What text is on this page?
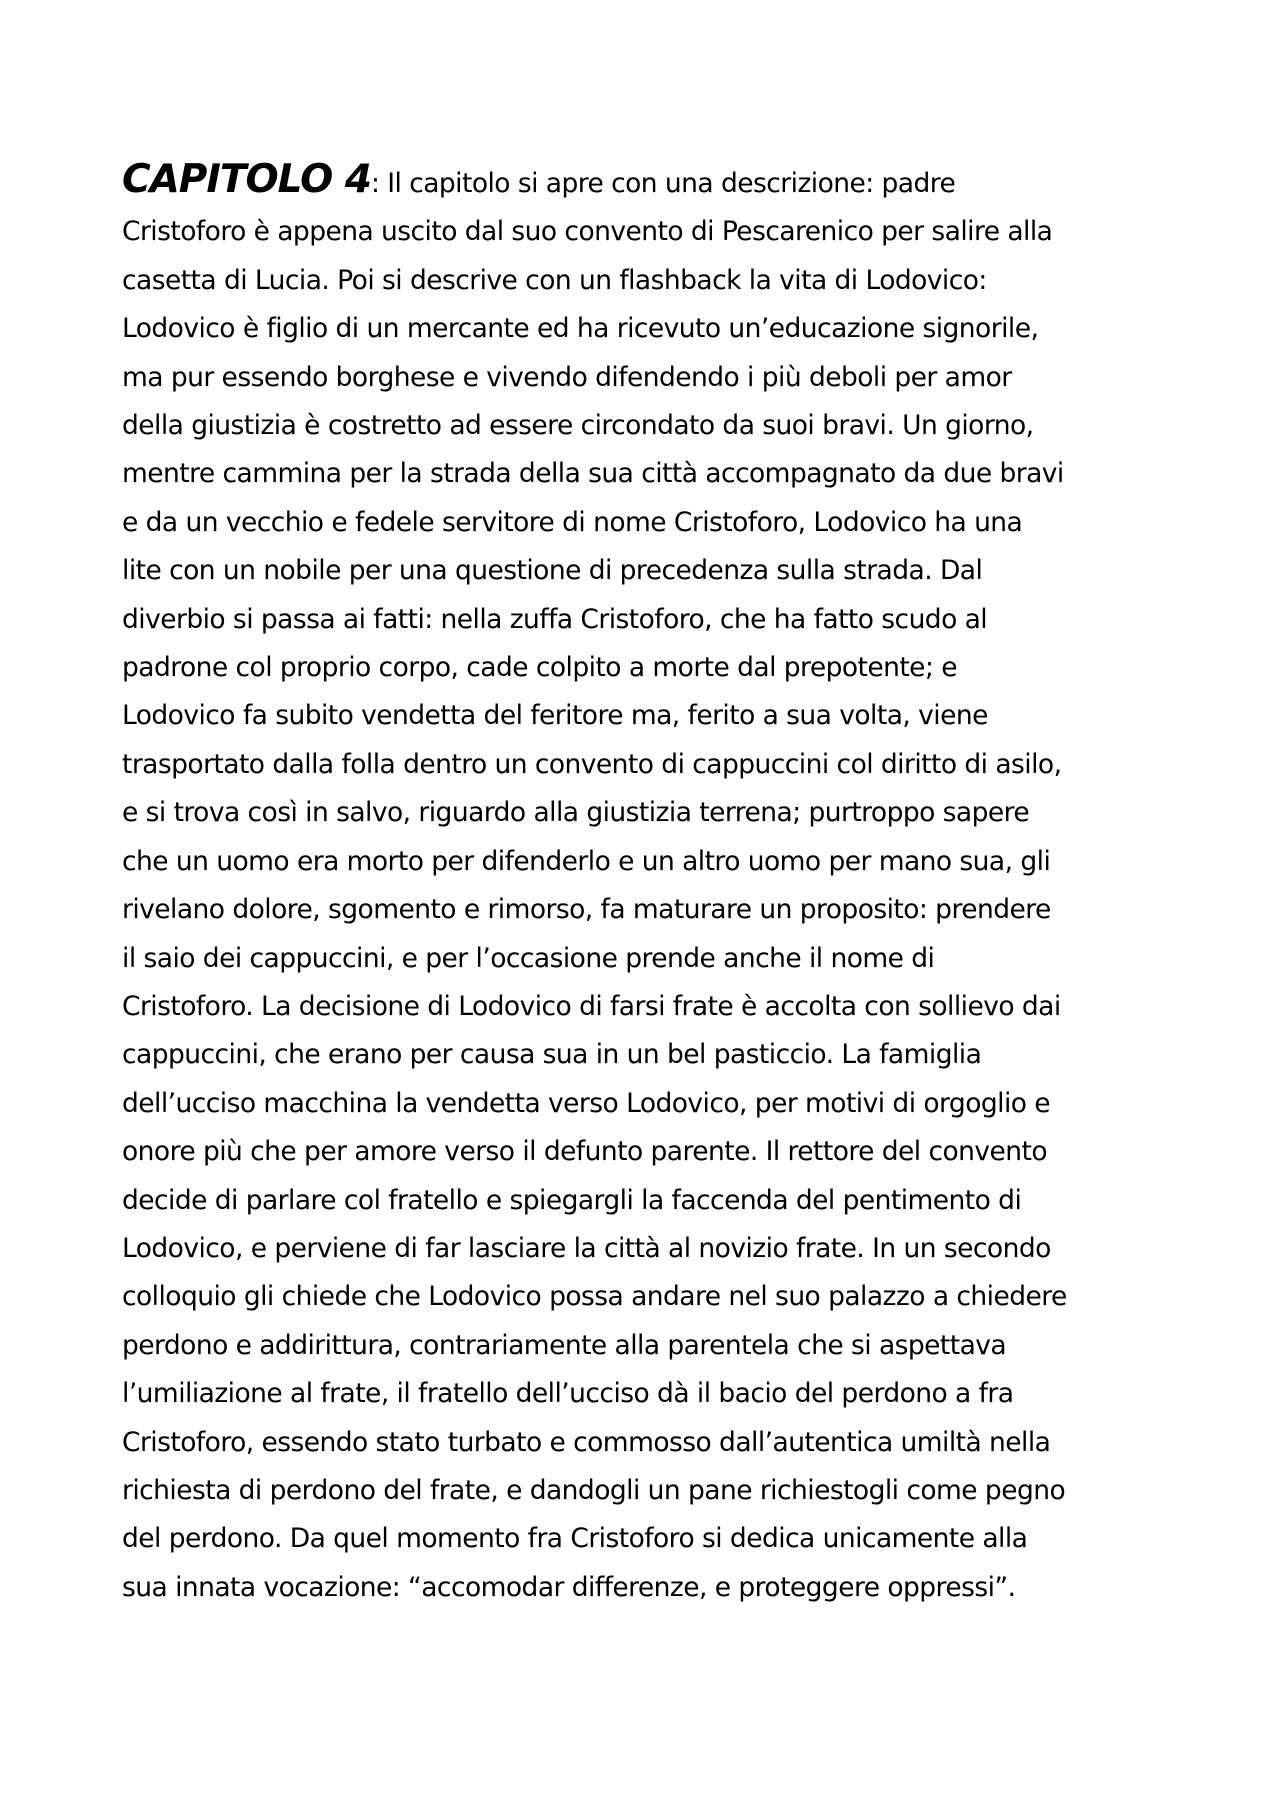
CAPITOLO 4: Il capitolo si apre con una descrizione: padre
Cristoforo è appena uscito dal suo convento di Pescarenico per salire alla
casetta di Lucia. Poi si descrive con un flashback la vita di Lodovico:
Lodovico è figlio di un mercante ed ha ricevuto un’educazione signorile,
ma pur essendo borghese e vivendo difendendo i più deboli per amor
della giustizia è costretto ad essere circondato da suoi bravi. Un giorno,
mentre cammina per la strada della sua città accompagnato da due bravi
e da un vecchio e fedele servitore di nome Cristoforo, Lodovico ha una
lite con un nobile per una questione di precedenza sulla strada. Dal
diverbio si passa ai fatti: nella zuffa Cristoforo, che ha fatto scudo al
padrone col proprio corpo, cade colpito a morte dal prepotente; e
Lodovico fa subito vendetta del feritore ma, ferito a sua volta, viene
trasportato dalla folla dentro un convento di cappuccini col diritto di asilo,
e si trova così in salvo, riguardo alla giustizia terrena; purtroppo sapere
che un uomo era morto per difenderlo e un altro uomo per mano sua, gli
rivelano dolore, sgomento e rimorso, fa maturare un proposito: prendere
il saio dei cappuccini, e per l’occasione prende anche il nome di
Cristoforo. La decisione di Lodovico di farsi frate è accolta con sollievo dai
cappuccini, che erano per causa sua in un bel pasticcio. La famiglia
dell’ucciso macchina la vendetta verso Lodovico, per motivi di orgoglio e
onore più che per amore verso il defunto parente. Il rettore del convento
decide di parlare col fratello e spiegargli la faccenda del pentimento di
Lodovico, e perviene di far lasciare la città al novizio frate. In un secondo
colloquio gli chiede che Lodovico possa andare nel suo palazzo a chiedere
perdono e addirittura, contrariamente alla parentela che si aspettava
l’umiliazione al frate, il fratello dell’ucciso dà il bacio del perdono a fra
Cristoforo, essendo stato turbato e commosso dall’autentica umiltà nella
richiesta di perdono del frate, e dandogli un pane richiestogli come pegno
del perdono. Da quel momento fra Cristoforo si dedica unicamente alla
sua innata vocazione: “accomodar differenze, e proteggere oppressi”.
